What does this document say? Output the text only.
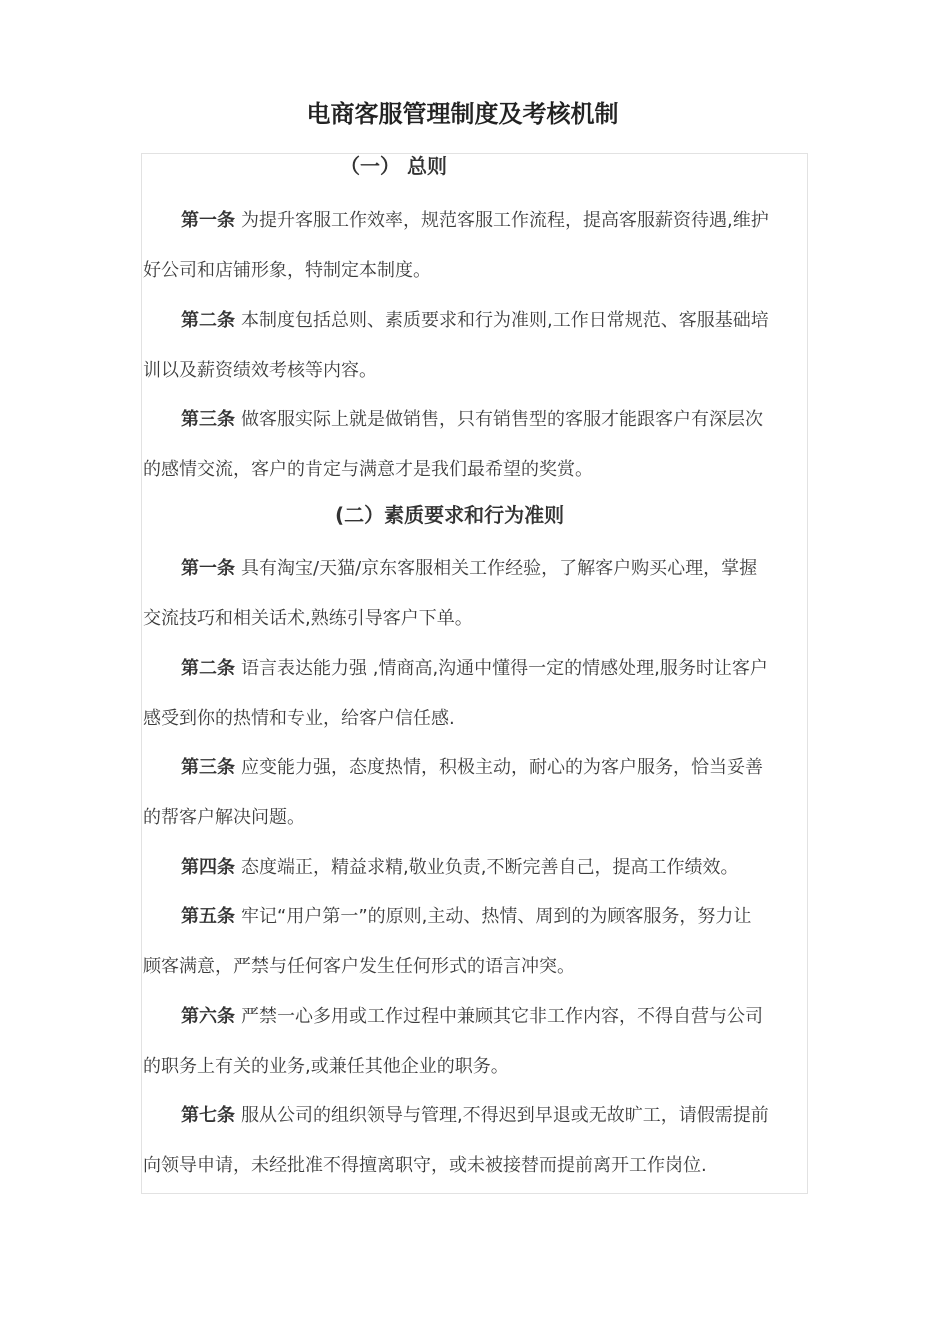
电商客服管理制度及考核机制
（一） 总则

第一条 为提升客服工作效率，规范客服工作流程，提高客服薪资待遇,维护
好公司和店铺形象，特制定本制度。

第二条 本制度包括总则、素质要求和行为准则,工作日常规范、客服基础培
训以及薪资绩效考核等内容。

第三条 做客服实际上就是做销售，只有销售型的客服才能跟客户有深层次
的感情交流，客户的肯定与满意才是我们最希望的奖赏。

(二）素质要求和行为准则

第一条 具有淘宝/天猫/京东客服相关工作经验，了解客户购买心理，掌握
交流技巧和相关话术,熟练引导客户下单。

第二条 语言表达能力强 ,情商高,沟通中懂得一定的情感处理,服务时让客户
感受到你的热情和专业，给客户信任感.

第三条 应变能力强，态度热情，积极主动，耐心的为客户服务，恰当妥善
的帮客户解决问题。

第四条 态度端正，精益求精,敬业负责,不断完善自己，提高工作绩效。

第五条 牢记“用户第一”的原则,主动、热情、周到的为顾客服务，努力让
顾客满意，严禁与任何客户发生任何形式的语言冲突。

第六条 严禁一心多用或工作过程中兼顾其它非工作内容，不得自营与公司
的职务上有关的业务,或兼任其他企业的职务。

第七条 服从公司的组织领导与管理,不得迟到早退或无故旷工，请假需提前
向领导申请，未经批准不得擅离职守，或未被接替而提前离开工作岗位.
